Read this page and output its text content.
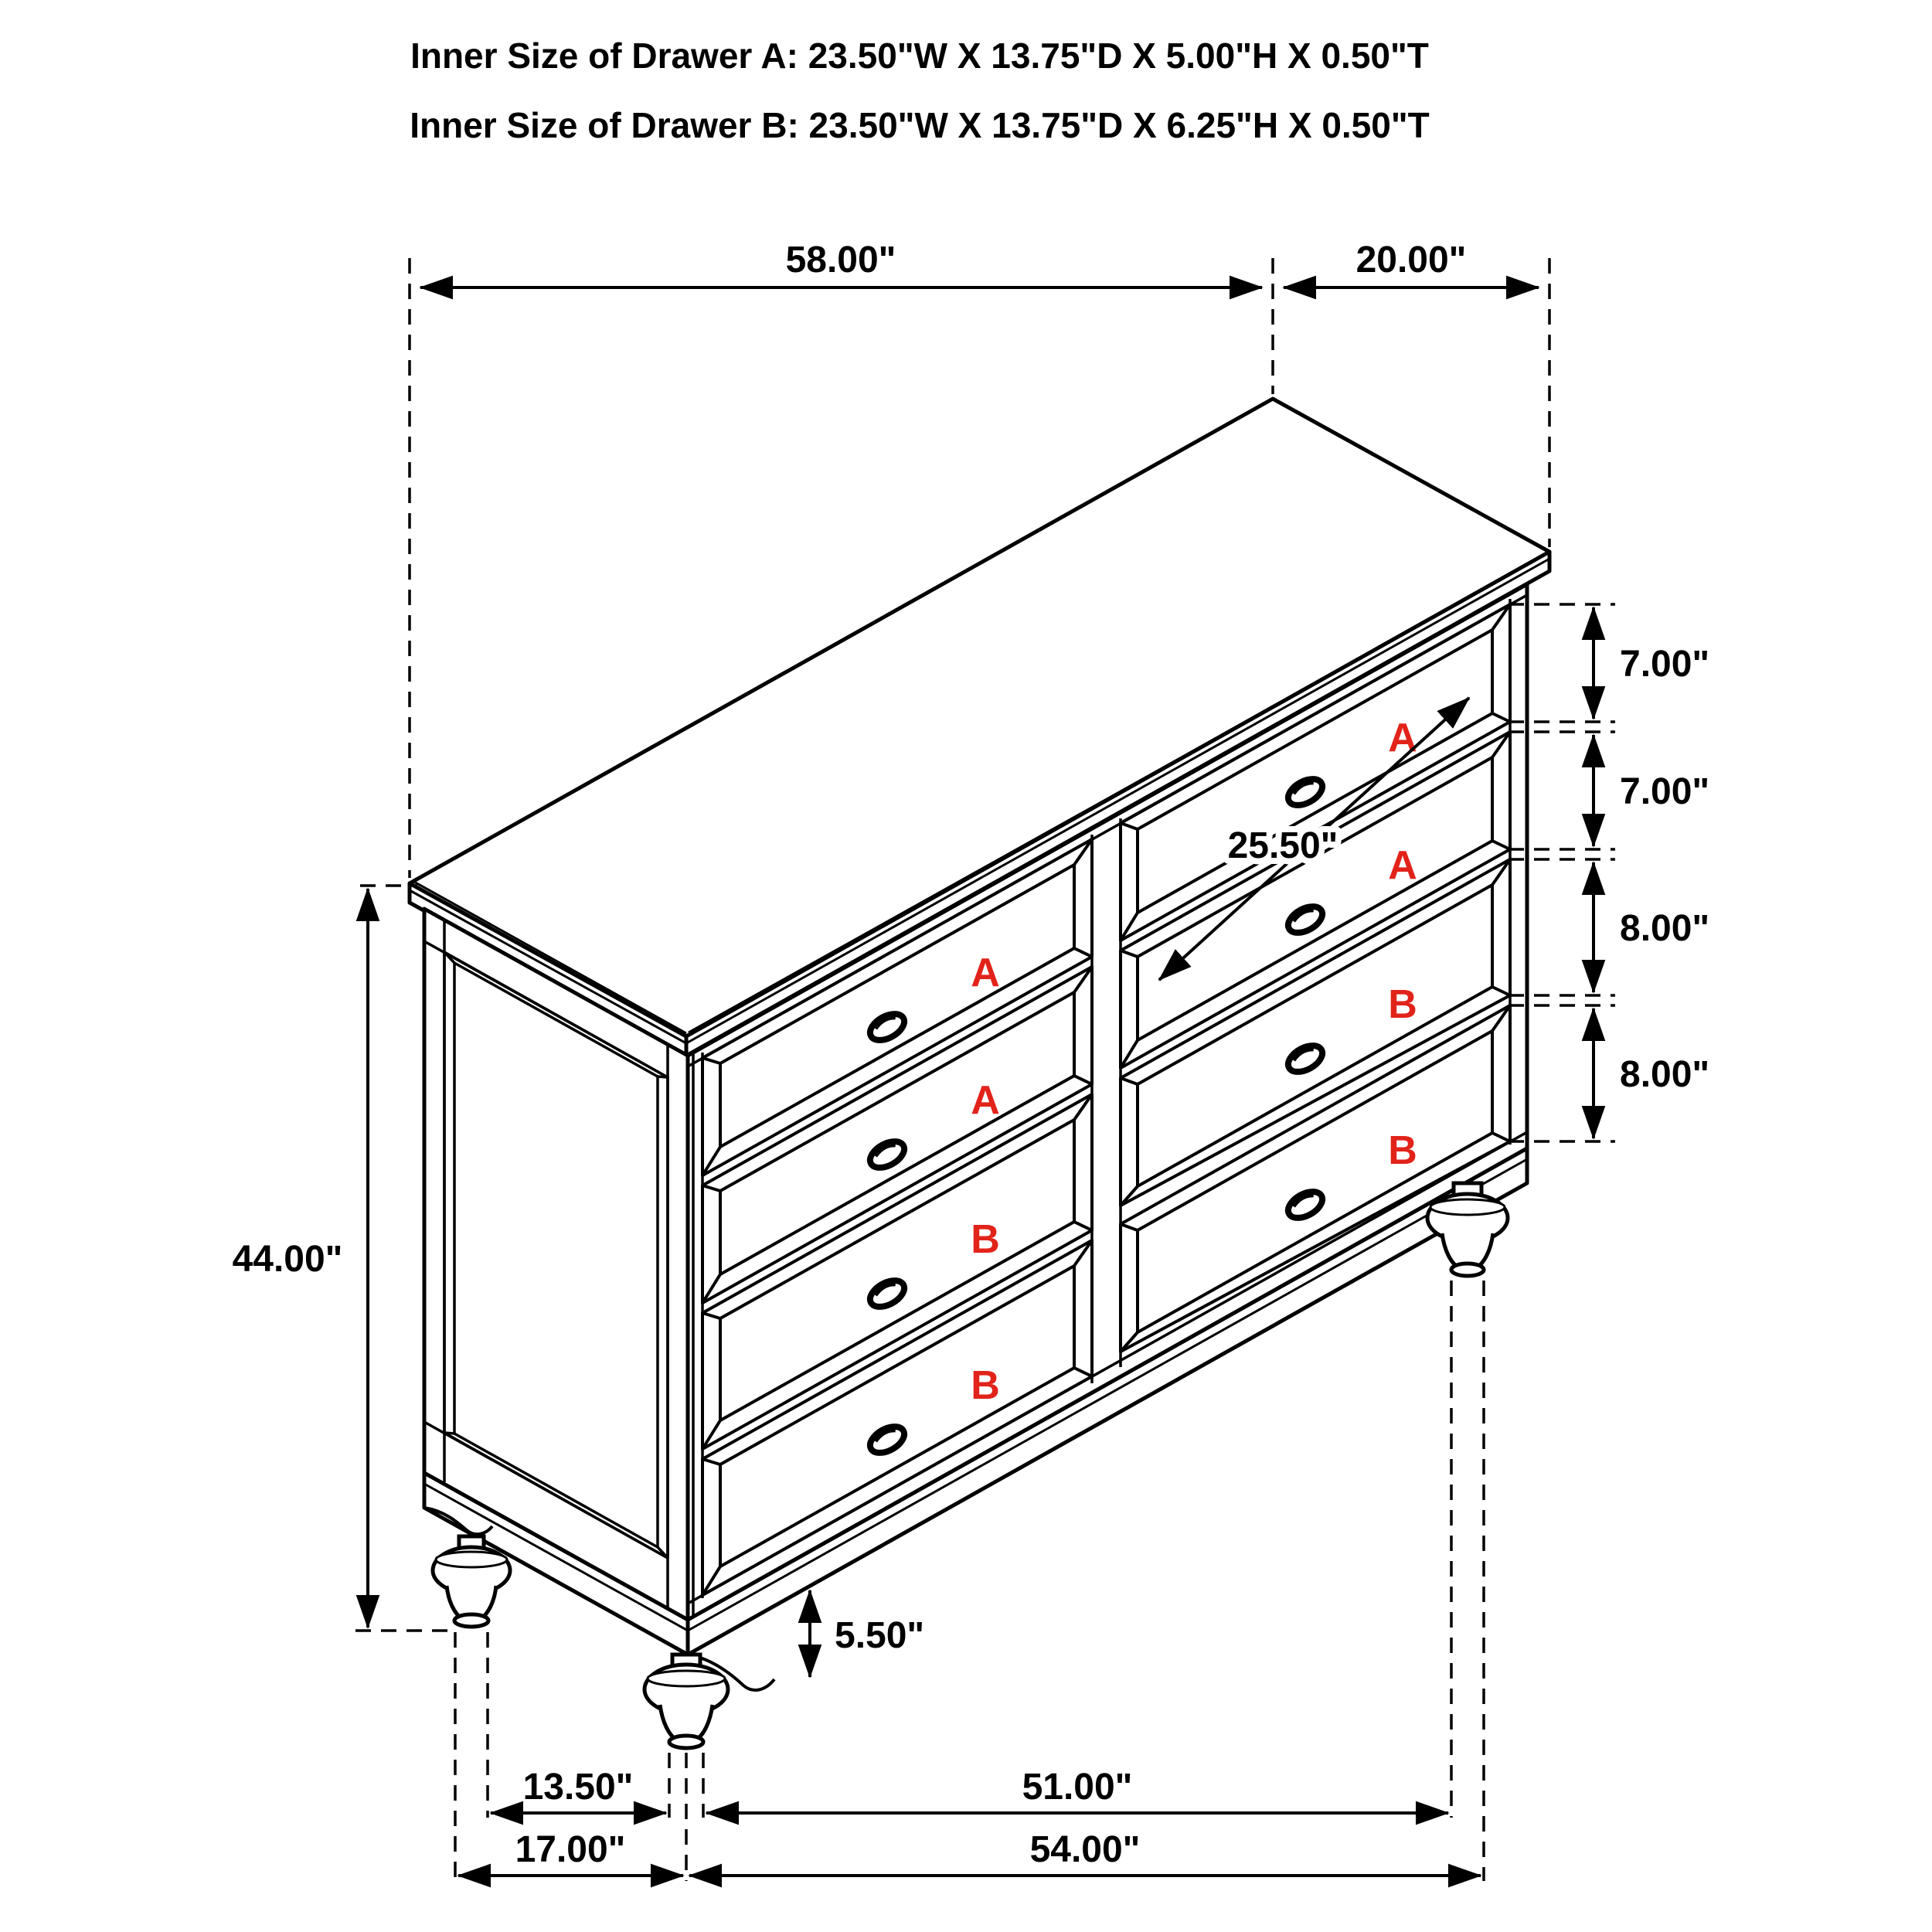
Inner Size of Drawer A: 23.50"W X 13.75"D X 5.00"H X 0.50"T
Inner Size of Drawer B: 23.50"W X 13.75"D X 6.25"H X 0.50"T
A
A
B
B
A
A
B
B
58.00"	20.00"
44.00"
7.00"
7.00"
8.00"
8.00"
25.50"
5.50"
13.50"	51.00"
17.00"	54.00"
